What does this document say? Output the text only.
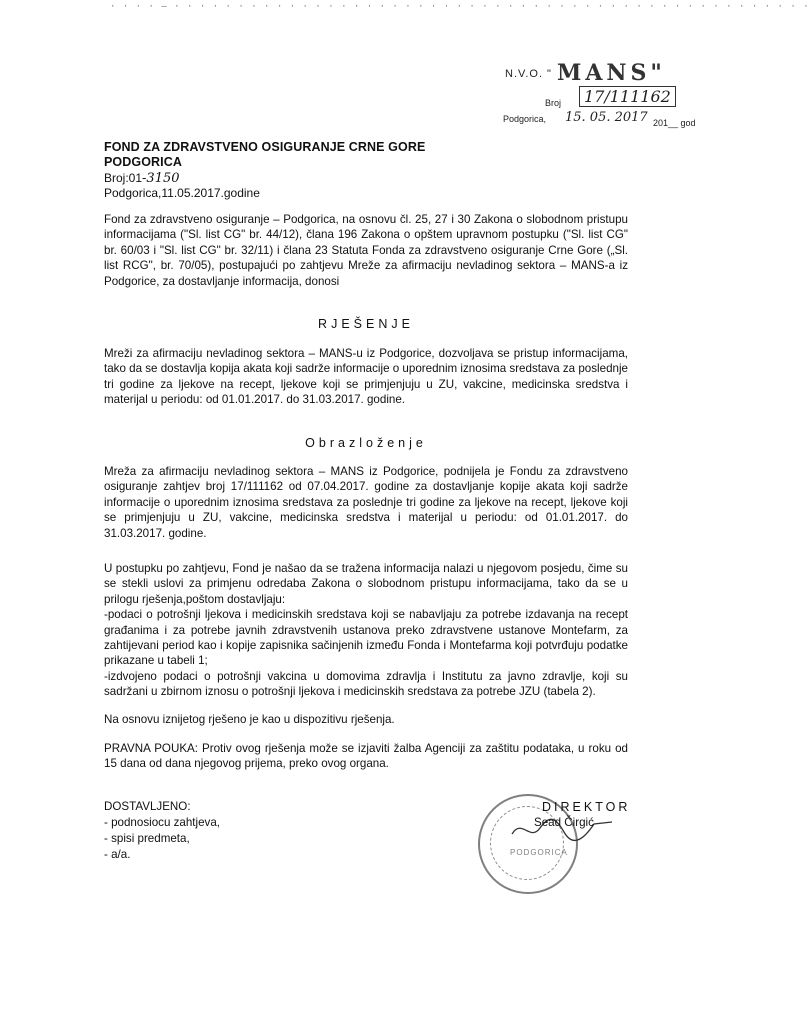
· · · · — · · · · · · · · · · · · · · · · · · · · · · · · · · · · · · · · · · · · · · · · · · · · · · · · · ·
N.V.O. " MANS"
Broj	17/111162
Podgorica, 15. 05. 2017 201__ god
FOND ZA ZDRAVSTVENO OSIGURANJE CRNE GORE
PODGORICA
Broj:01-3150
Podgorica,11.05.2017.godine
Fond za zdravstveno osiguranje – Podgorica, na osnovu čl. 25, 27 i 30 Zakona o slobodnom pristupu informacijama ("Sl. list CG" br. 44/12), člana 196 Zakona o opštem upravnom postupku ("Sl. list CG" br. 60/03 i "Sl. list CG" br. 32/11) i člana 23 Statuta Fonda za zdravstveno osiguranje Crne Gore („Sl. list RCG", br. 70/05), postupajući po zahtjevu Mreže za afirmaciju nevladinog sektora – MANS-a iz Podgorice, za dostavljanje informacija, donosi
RJEŠENJE
Mreži za afirmaciju nevladinog sektora – MANS-u iz Podgorice, dozvoljava se pristup informacijama, tako da se dostavlja kopija akata koji sadrže informacije o uporednim iznosima sredstava za poslednje tri godine za ljekove na recept, ljekove koji se primjenjuju u ZU, vakcine, medicinska sredstva i materijal u periodu: od 01.01.2017. do 31.03.2017. godine.
Obrazloženje
Mreža za afirmaciju nevladinog sektora – MANS iz Podgorice, podnijela je Fondu za zdravstveno osiguranje zahtjev broj 17/111162 od 07.04.2017. godine za dostavljanje kopije akata koji sadrže informacije o uporednim iznosima sredstava za poslednje tri godine za ljekove na recept, ljekove koji se primjenjuju u ZU, vakcine, medicinska sredstva i materijal u periodu: od 01.01.2017. do 31.03.2017. godine.

U postupku po zahtjevu, Fond je našao da se tražena informacija nalazi u njegovom posjedu, čime su se stekli uslovi za primjenu odredaba Zakona o slobodnom pristupu informacijama, tako da se u prilogu rješenja,poštom dostavljaju:

-podaci o potrošnji ljekova i medicinskih sredstava koji se nabavljaju za potrebe izdavanja na recept građanima i za potrebe javnih zdravstvenih ustanova preko zdravstvene ustanove Montefarm, za zahtijevani period kao i kopije zapisnika sačinjenih između Fonda i Montefarma koji potvrđuju podatke prikazane u tabeli 1;

-izdvojeno podaci o potrošnji vakcina u domovima zdravlja i Institutu za javno zdravlje, koji su sadržani u zbirnom iznosu o potrošnji ljekova i medicinskih sredstava za potrebe JZU (tabela 2).

Na osnovu iznijetog rješeno je kao u dispozitivu rješenja.
PRAVNA POUKA: Protiv ovog rješenja može se izjaviti žalba Agenciji za zaštitu podataka, u roku od 15 dana od dana njegovog prijema, preko ovog organa.
DOSTAVLJENO:
- podnosiocu zahtjeva,
- spisi predmeta,
- a/a.	PODGORICA
DIREKTOR
Sead Čirgić
